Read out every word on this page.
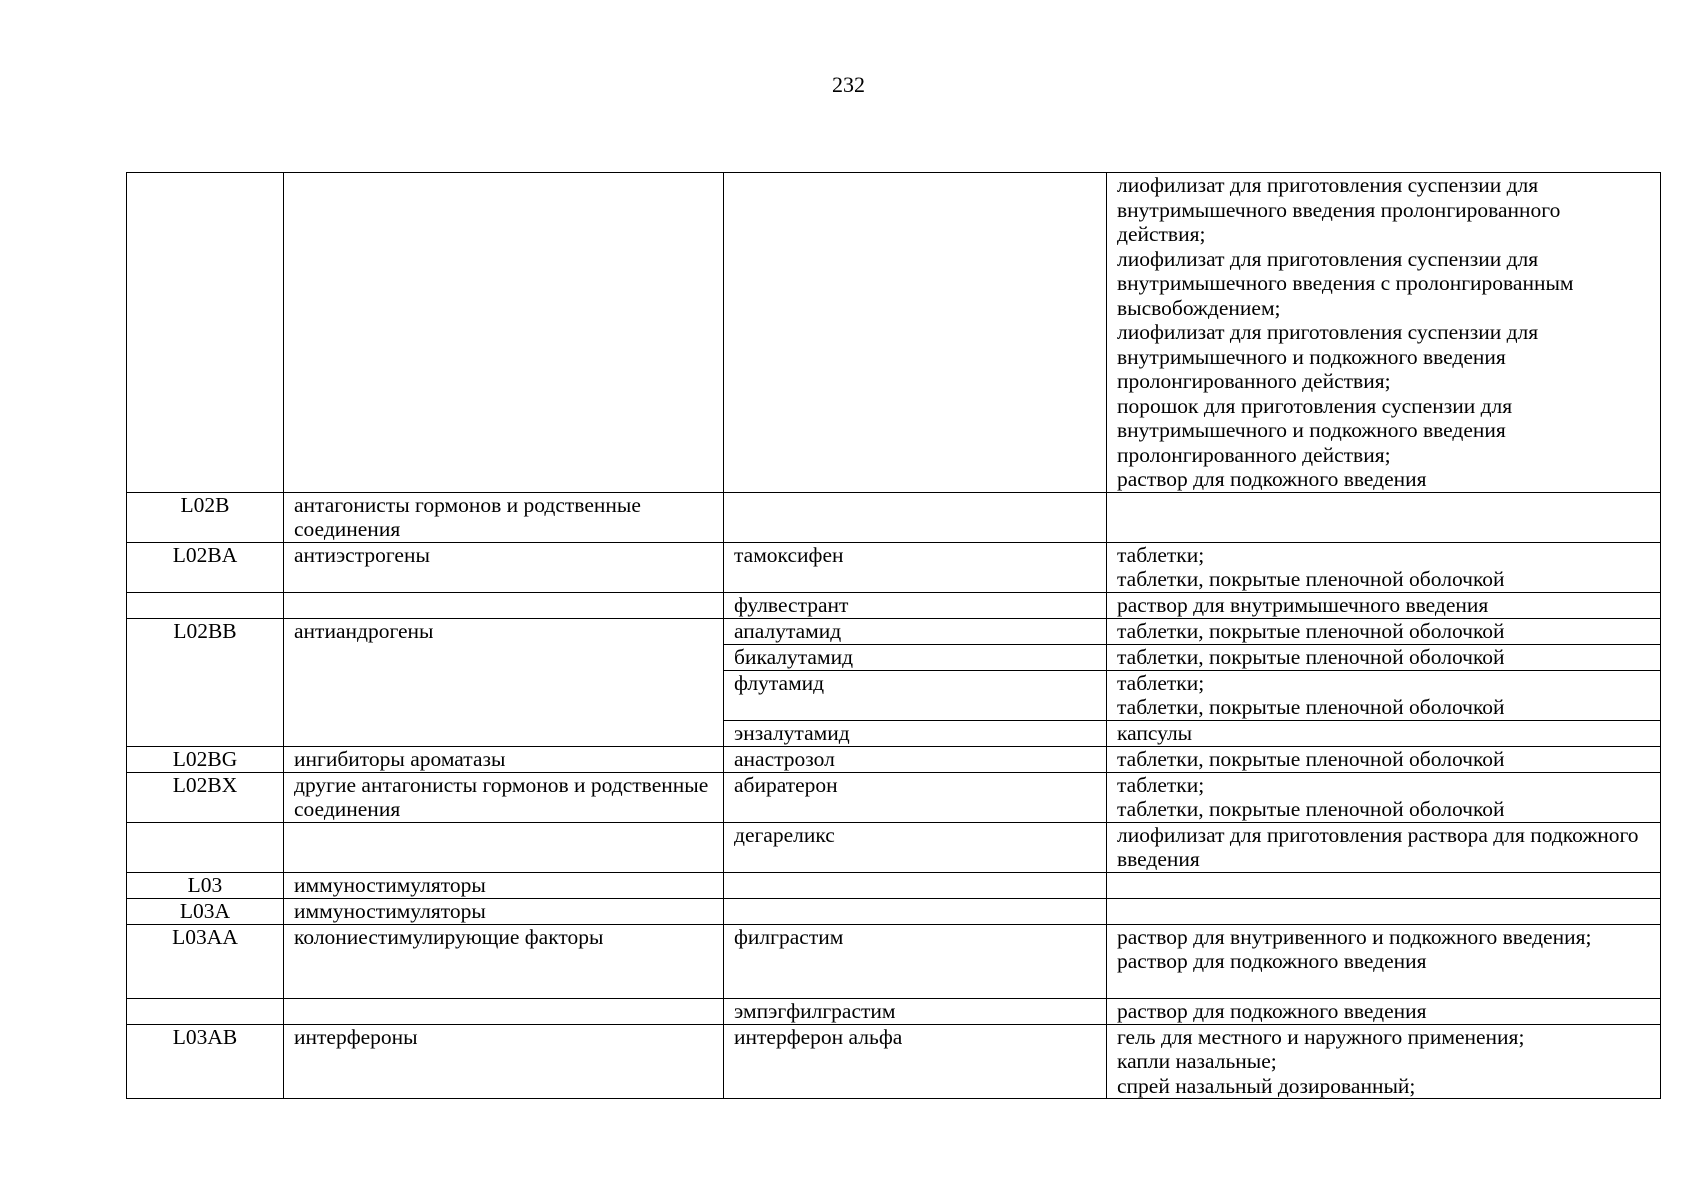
232

			лиофилизат для приготовления суспензии для внутримышечного введения пролонгированного действия;
лиофилизат для приготовления суспензии для внутримышечного введения с пролонгированным высвобождением;
лиофилизат для приготовления суспензии для внутримышечного и подкожного введения пролонгированного действия;
порошок для приготовления суспензии для внутримышечного и подкожного введения пролонгированного действия;
раствор для подкожного введения

L02B	антагонисты гормонов и родственные соединения		
L02BA	антиэстрогены	тамоксифен	таблетки;
таблетки, покрытые пленочной оболочкой

		фулвестрант	раствор для внутримышечного введения

L02BB	антиандрогены	апалутамид	таблетки, покрытые пленочной оболочкой

		бикалутамид	таблетки, покрытые пленочной оболочкой

		флутамид	таблетки;
таблетки, покрытые пленочной оболочкой

		энзалутамид	капсулы

L02BG	ингибиторы ароматазы	анастрозол	таблетки, покрытые пленочной оболочкой

L02BX	другие антагонисты гормонов и родственные соединения	абиратерон	таблетки;
таблетки, покрытые пленочной оболочкой

		дегареликс	лиофилизат для приготовления раствора для подкожного введения

L03	иммуностимуляторы		
L03A	иммуностимуляторы		
L03AA	колониестимулирующие факторы	филграстим	раствор для внутривенного и подкожного введения;
раствор для подкожного введения

		эмпэгфилграстим	раствор для подкожного введения

L03AB	интерфероны	интерферон альфа	гель для местного и наружного применения;
капли назальные;
спрей назальный дозированный;
